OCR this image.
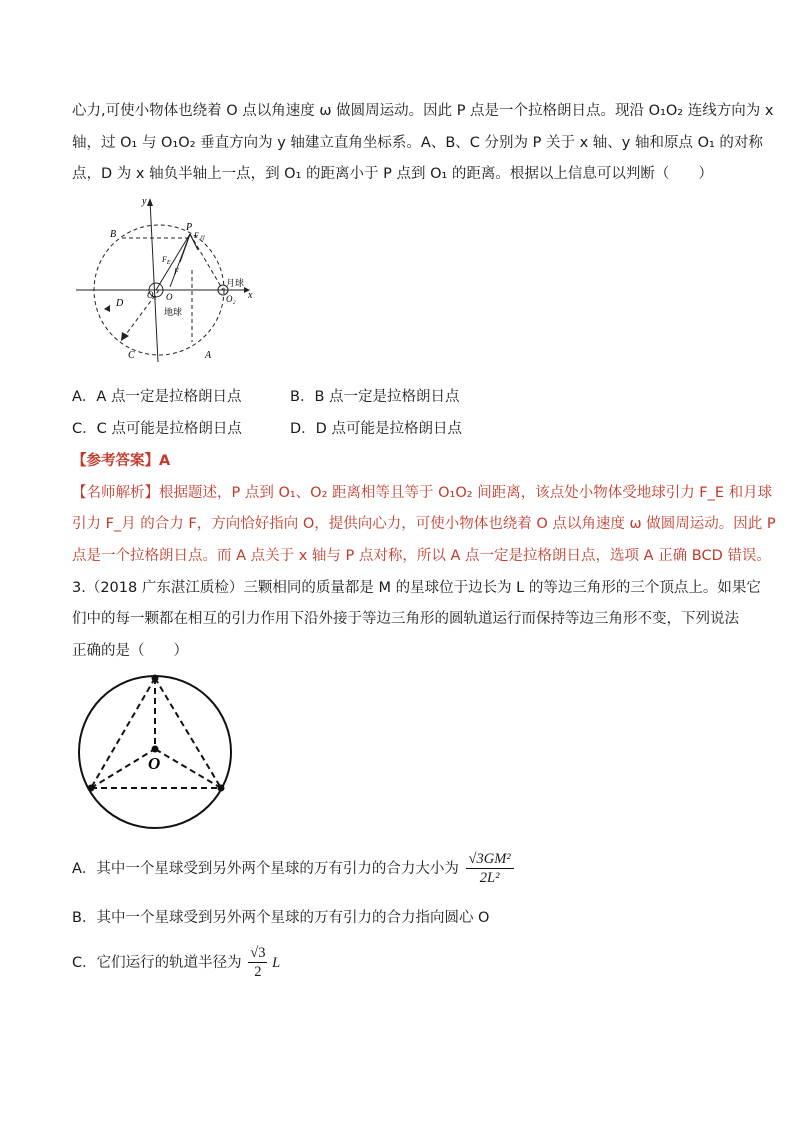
心力,可使小物体也绕着 O 点以角速度 ω 做圆周运动。因此 P 点是一个拉格朗日点。现沿 O₁O₂ 连线方向为 x
轴，过 O₁ 与 O₁O₂ 垂直方向为 y 轴建立直角坐标系。A、B、C 分别为 P 关于 x 轴、y 轴和原点 O₁ 的对称
点，D 为 x 轴负半轴上一点，到 O₁ 的距离小于 P 点到 O₁ 的距离。根据以上信息可以判断（　　）
y
x
B
P
$F_月$
$F_E$
F
O₁ O	O₂
月球
地球
D
C	A
A．A 点一定是拉格朗日点	B．B 点一定是拉格朗日点
C．C 点可能是拉格朗日点	D．D 点可能是拉格朗日点
【参考答案】A
【名师解析】根据题述，P 点到 O₁、O₂ 距离相等且等于 O₁O₂ 间距离，该点处小物体受地球引力 F_E 和月球
引力 F_月 的合力 F，方向恰好指向 O，提供向心力，可使小物体也绕着 O 点以角速度 ω 做圆周运动。因此 P
点是一个拉格朗日点。而 A 点关于 x 轴与 P 点对称，所以 A 点一定是拉格朗日点，选项 A 正确 BCD 错误。
3.（2018 广东湛江质检）三颗相同的质量都是 M 的星球位于边长为 L 的等边三角形的三个顶点上。如果它
们中的每一颗都在相互的引力作用下沿外接于等边三角形的圆轨道运行而保持等边三角形不变，下列说法
正确的是（　　）
O
A．其中一个星球受到另外两个星球的万有引力的合力大小为 $\frac{\text{√3GM²}}{\text{2L²}}$
B．其中一个星球受到另外两个星球的万有引力的合力指向圆心 O
C．它们运行的轨道半径为 $\frac{√3}{2}$ L
